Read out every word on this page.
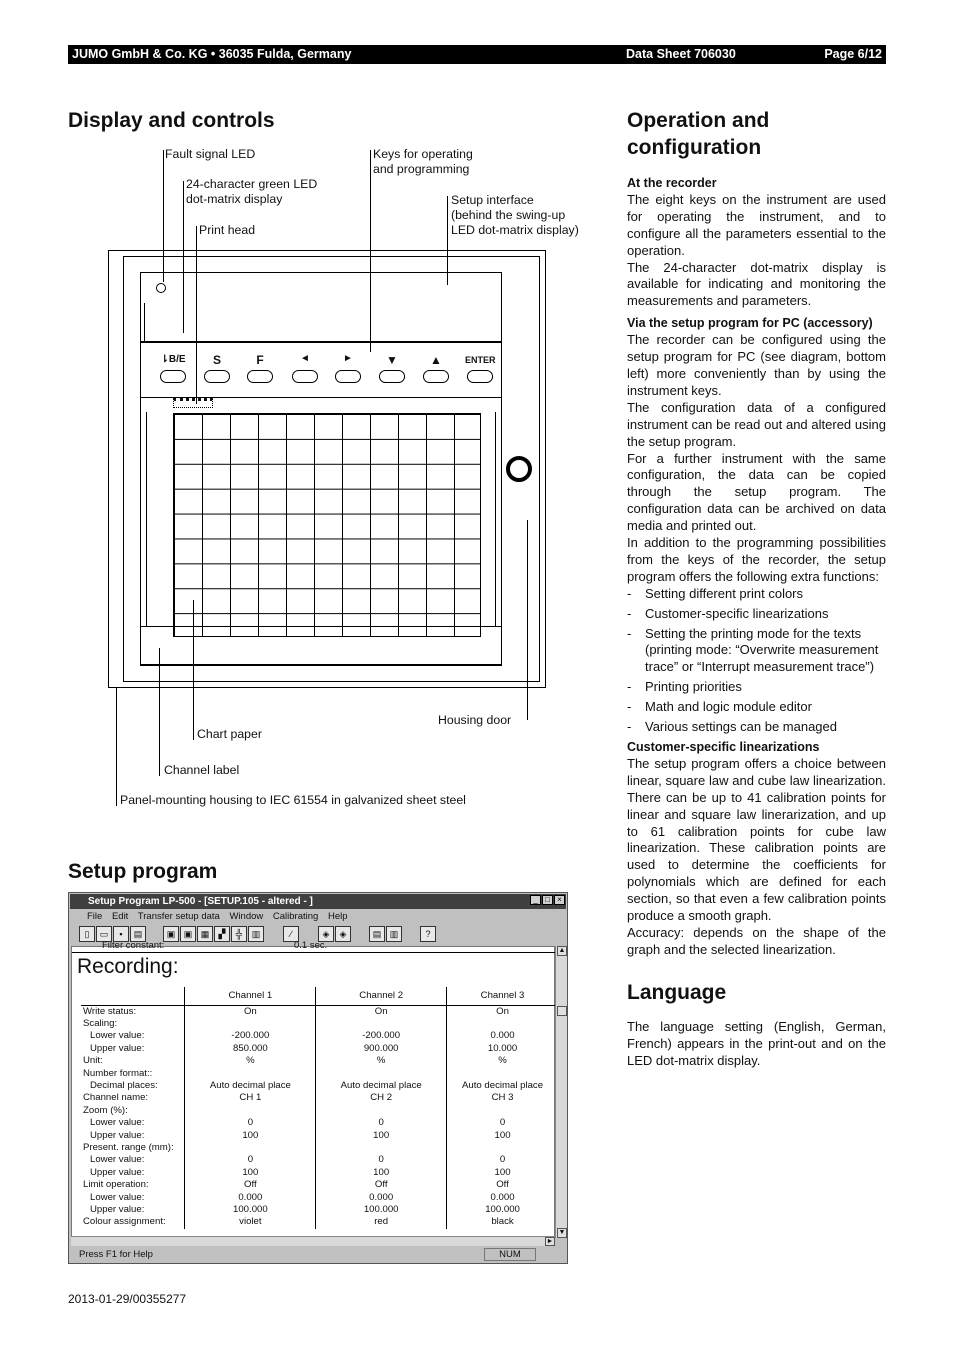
JUMO GmbH & Co. KG • 36035 Fulda, Germany	Data Sheet 706030	Page 6/12
Display and controls
Fault signal LED
24-character green LED
dot-matrix display
Print head
Keys for operating
and programming
Setup interface
(behind the swing-up
LED dot-matrix display)
Housing door
Chart paper
Channel label
Panel-mounting housing to IEC 61554 in galvanized sheet steel
⇂B/E	S	F	◄	►	▼	▲	ENTER
Setup program
Setup Program LP-500 - [SETUP.105 - altered - ]	_ □ ×
File Edit Transfer setup data Window Calibrating Help
▯	▭	▪	▤	▣ ▣ ▦	▞	╬	▥	∕	◈	◈	▤ ▥	?
Filter constant:	0.1 sec.
Recording:
	Channel 1	Channel 2	Channel 3
Write status:	On	On	On
Scaling:			
Lower value:	-200.000	-200.000	0.000
Upper value:	850.000	900.000	10.000
Unit:	%	%	%
Number format::			
Decimal places:	Auto decimal place	Auto decimal place	Auto decimal place
Channel name:	CH 1	CH 2	CH 3
Zoom (%):			
Lower value:	0	0	0
Upper value:	100	100	100
Present. range (mm):			
Lower value:	0	0	0
Upper value:	100	100	100
Limit operation:	Off	Off	Off
Lower value:	0.000	0.000	0.000
Upper value:	100.000	100.000	100.000
Colour assignment:	violet	red	black
▲
▼
►
Press F1 for Help	NUM
Operation and
configuration
At the recorder

The eight keys on the instrument are used for operating the instrument, and to configure all the parameters essential to the operation.

The 24-character dot-matrix display is available for indicating and monitoring the measurements and parameters.

Via the setup program for PC (accessory)

The recorder can be configured using the setup program for PC (see diagram, bottom left) more conveniently than by using the instrument keys.

The configuration data of a configured instrument can be read out and altered using the setup program.

For a further instrument with the same configuration, the data can be copied through the setup program. The configuration data can be archived on data media and printed out.

In addition to the programming possibilities from the keys of the recorder, the setup program offers the following extra functions:

- Setting different print colors
- Customer-specific linearizations
- Setting the printing mode for the texts (printing mode: “Overwrite measurement trace” or “Interrupt measurement trace”)
- Printing priorities
- Math and logic module editor
- Various settings can be managed
Customer-specific linearizations

The setup program offers a choice between linear, square law and cube law linearization. There can be up to 41 calibration points for linear and square law linerarization, and up to 61 calibration points for cube law linearization. These calibration points are used to determine the coefficients for polynomials which are defined for each section, so that even a few calibration points produce a smooth graph.

Accuracy: depends on the shape of the graph and the selected linearization.

Language

The language setting (English, German, French) appears in the print-out and on the LED dot-matrix display.

2013-01-29/00355277
